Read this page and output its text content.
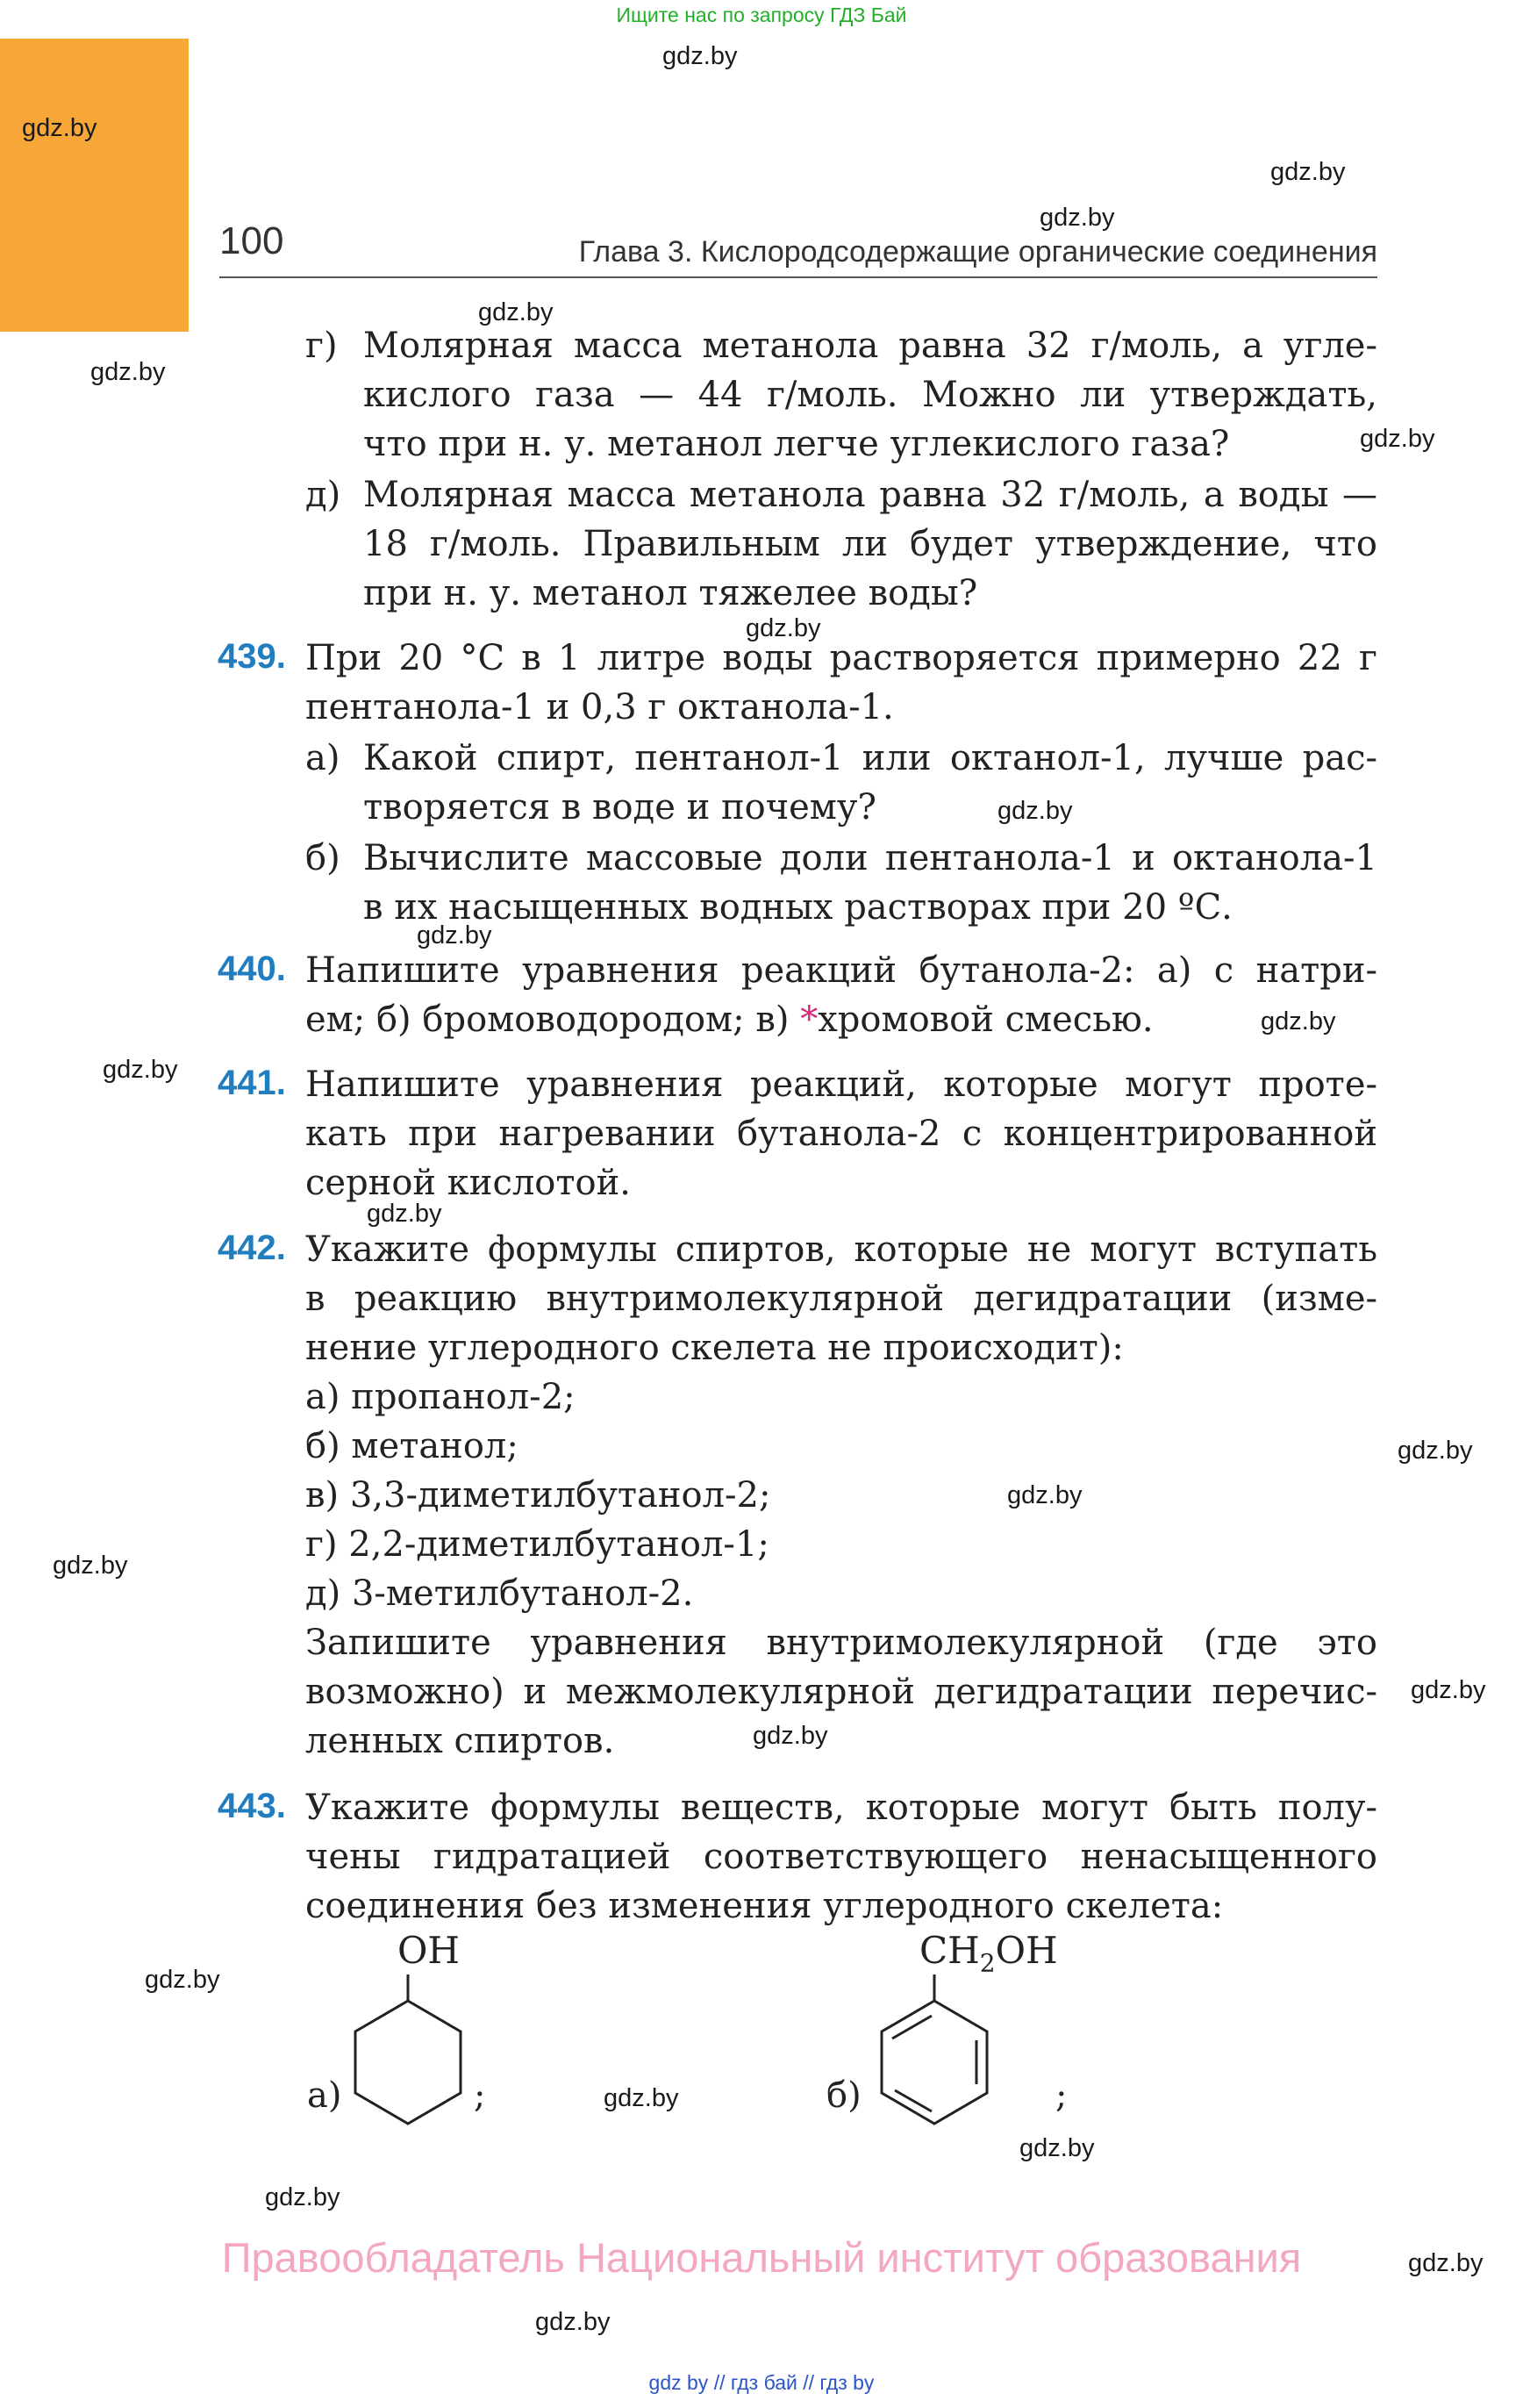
Ищите нас по запросу ГДЗ Бай
gdz.by
gdz.by
gdz.by
gdz.by
gdz.by
gdz.by
gdz.by
gdz.by
gdz.by
gdz.by
gdz.by
gdz.by
gdz.by
gdz.by
gdz.by
gdz.by
gdz.by
gdz.by
gdz.by
gdz.by
gdz.by
gdz.by
gdz.by
gdz.by
100	Глава 3. Кислородсодержащие органические соединения
г) Молярная масса метанола равна 32 г/моль, а угле-
кислого газа — 44 г/моль. Можно ли утверждать,
что при н. у. метанол легче углекислого газа?
д) Молярная масса метанола равна 32 г/моль, а воды —
18 г/моль. Правильным ли будет утверждение, что
при н. у. метанол тяжелее воды?
439. При 20 °С в 1 литре воды растворяется примерно 22 г
пентанола-1 и 0,3 г октанола-1.
а) Какой спирт, пентанол-1 или октанол-1, лучше рас-
творяется в воде и почему?
б) Вычислите массовые доли пентанола-1 и октанола-1
в их насыщенных водных растворах при 20 ºС.
440. Напишите уравнения реакций бутанола-2: а) с натри-
ем; б) бромоводородом; в) *хромовой смесью.
441. Напишите уравнения реакций, которые могут проте-
кать при нагревании бутанола-2 с концентрированной
серной кислотой.
442. Укажите формулы спиртов, которые не могут вступать
в реакцию внутримолекулярной дегидратации (изме-
нение углеродного скелета не происходит):
а) пропанол-2;
б) метанол;
в) 3,3-диметилбутанол-2;
г) 2,2-диметилбутанол-1;
д) 3-метилбутанол-2.
Запишите уравнения внутримолекулярной (где это
возможно) и межмолекулярной дегидратации перечис-
ленных спиртов.
443. Укажите формулы веществ, которые могут быть полу-
чены гидратацией соответствующего ненасыщенного
соединения без изменения углеродного скелета:
OH
а)	;
$CH_2OH$
б)	;
Правообладатель Национальный институт образования
gdz by // гдз бай // гдз by
